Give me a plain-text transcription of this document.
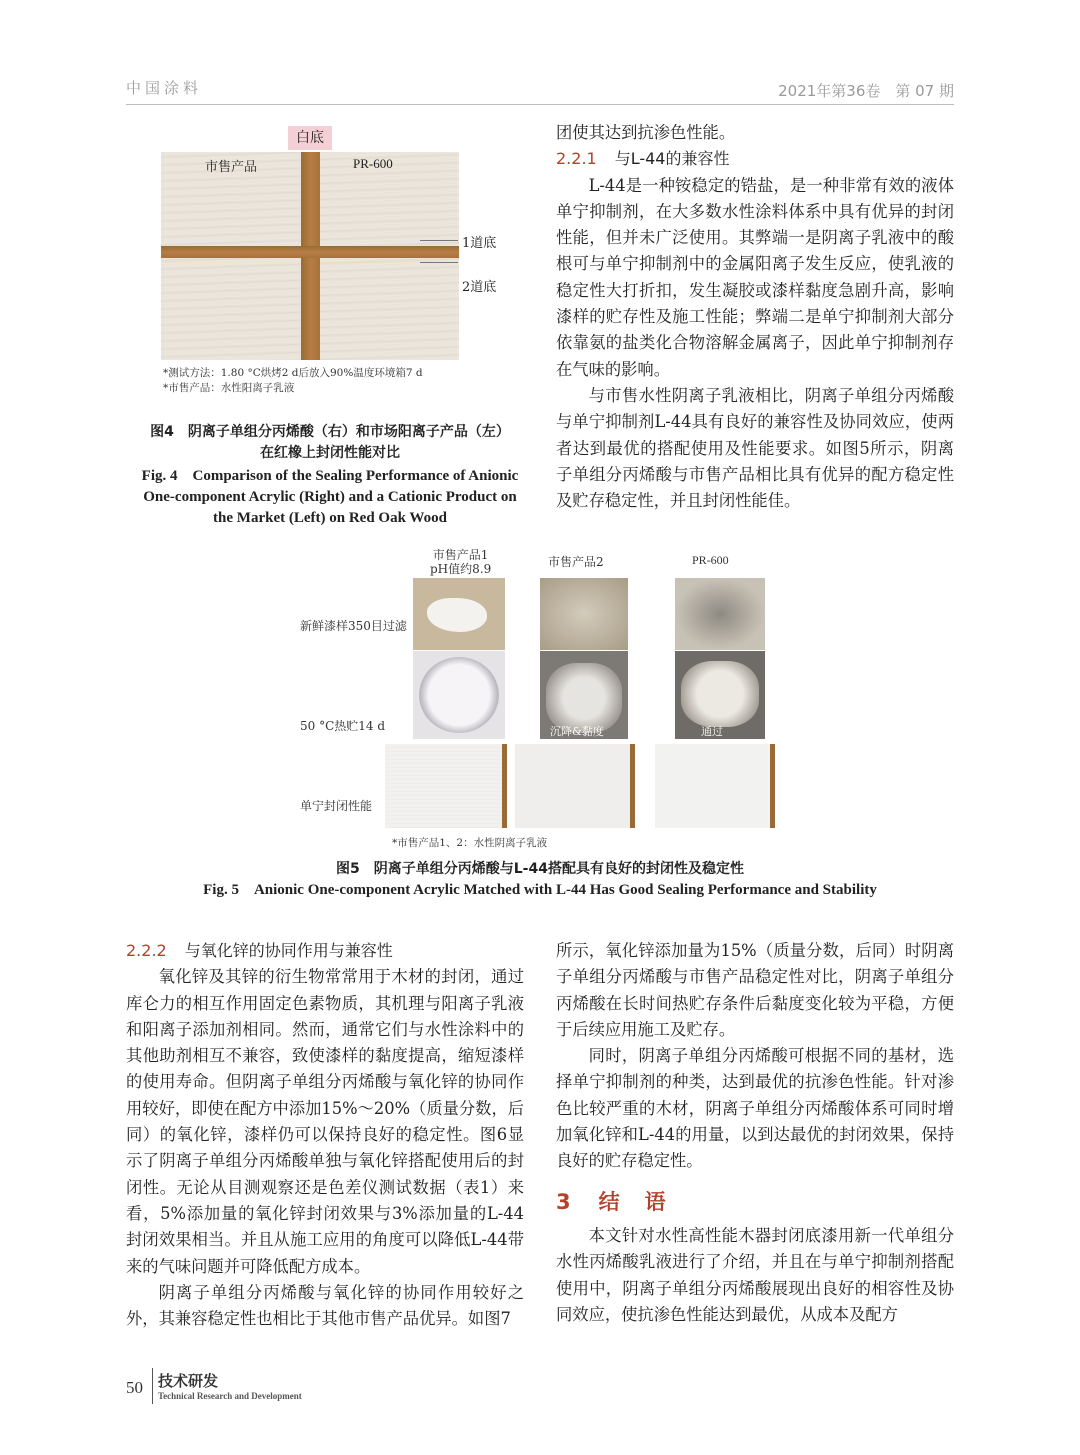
中国涂料	2021年第36卷　第 07 期
白底
市售产品	PR-600
1道底
2道底
*测试方法：1.80 °C烘烤2 d后放入90%温度环境箱7 d
*市售产品：水性阳离子乳液
图4　阴离子单组分丙烯酸（右）和市场阳离子产品（左）
在红橡上封闭性能对比
Fig. 4　Comparison of the Sealing Performance of Anionic
One-component Acrylic (Right) and a Cationic Product on
the Market (Left) on Red Oak Wood

团使其达到抗渗色性能。

2.2.1 与L-44的兼容性

L-44是一种铵稳定的锆盐，是一种非常有效的液体单宁抑制剂，在大多数水性涂料体系中具有优异的封闭性能，但并未广泛使用。其弊端一是阴离子乳液中的酸根可与单宁抑制剂中的金属阳离子发生反应，使乳液的稳定性大打折扣，发生凝胶或漆样黏度急剧升高，影响漆样的贮存性及施工性能；弊端二是单宁抑制剂大部分依靠氨的盐类化合物溶解金属离子，因此单宁抑制剂存在气味的影响。

与市售水性阴离子乳液相比，阴离子单组分丙烯酸与单宁抑制剂L-44具有良好的兼容性及协同效应，使两者达到最优的搭配使用及性能要求。如图5所示，阴离子单组分丙烯酸与市售产品相比具有优异的配方稳定性及贮存稳定性，并且封闭性能佳。

市售产品1
pH值约8.9	市售产品2	PR-600
新鲜漆样350目过滤
50 °C热贮14 d
单宁封闭性能
沉降&黏度	通过
*市售产品1、2：水性阴离子乳液
图5　阴离子单组分丙烯酸与L-44搭配具有良好的封闭性及稳定性
Fig. 5　Anionic One-component Acrylic Matched with L-44 Has Good Sealing Performance and Stability
2.2.2 与氧化锌的协同作用与兼容性

氧化锌及其锌的衍生物常常用于木材的封闭，通过库仑力的相互作用固定色素物质，其机理与阳离子乳液和阳离子添加剂相同。然而，通常它们与水性涂料中的其他助剂相互不兼容，致使漆样的黏度提高，缩短漆样的使用寿命。但阴离子单组分丙烯酸与氧化锌的协同作用较好，即使在配方中添加15%～20%（质量分数，后同）的氧化锌，漆样仍可以保持良好的稳定性。图6显示了阴离子单组分丙烯酸单独与氧化锌搭配使用后的封闭性。无论从目测观察还是色差仪测试数据（表1）来看，5%添加量的氧化锌封闭效果与3%添加量的L-44封闭效果相当。并且从施工应用的角度可以降低L-44带来的气味问题并可降低配方成本。

阴离子单组分丙烯酸与氧化锌的协同作用较好之外，其兼容稳定性也相比于其他市售产品优异。如图7

所示，氧化锌添加量为15%（质量分数，后同）时阴离子单组分丙烯酸与市售产品稳定性对比，阴离子单组分丙烯酸在长时间热贮存条件后黏度变化较为平稳，方便于后续应用施工及贮存。

同时，阴离子单组分丙烯酸可根据不同的基材，选择单宁抑制剂的种类，达到最优的抗渗色性能。针对渗色比较严重的木材，阴离子单组分丙烯酸体系可同时增加氧化锌和L-44的用量，以到达最优的封闭效果，保持良好的贮存稳定性。

3 结　语

本文针对水性高性能木器封闭底漆用新一代单组分水性丙烯酸乳液进行了介绍，并且在与单宁抑制剂搭配使用中，阴离子单组分丙烯酸展现出良好的相容性及协同效应，使抗渗色性能达到最优，从成本及配方

50 技术研发
Technical Research and Development
